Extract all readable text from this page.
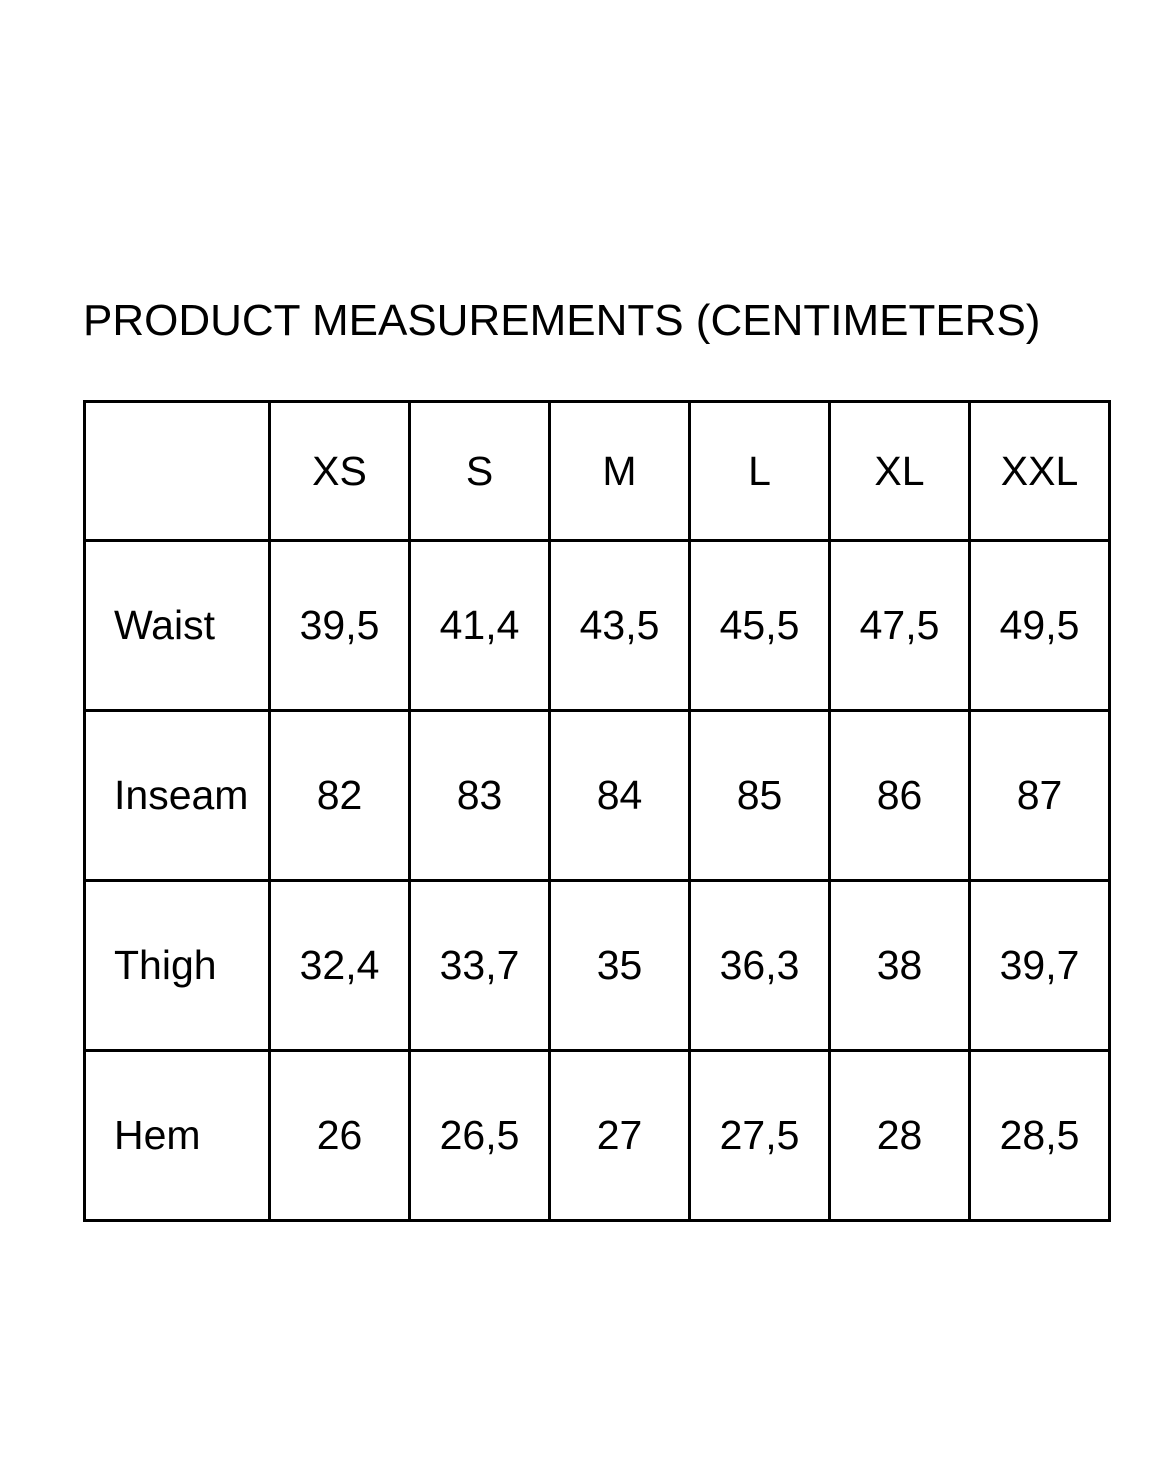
PRODUCT MEASUREMENTS (CENTIMETERS)
	XS	S	M	L	XL	XXL
Waist	39,5	41,4	43,5	45,5	47,5	49,5
Inseam	82	83	84	85	86	87
Thigh	32,4	33,7	35	36,3	38	39,7
Hem	26	26,5	27	27,5	28	28,5
